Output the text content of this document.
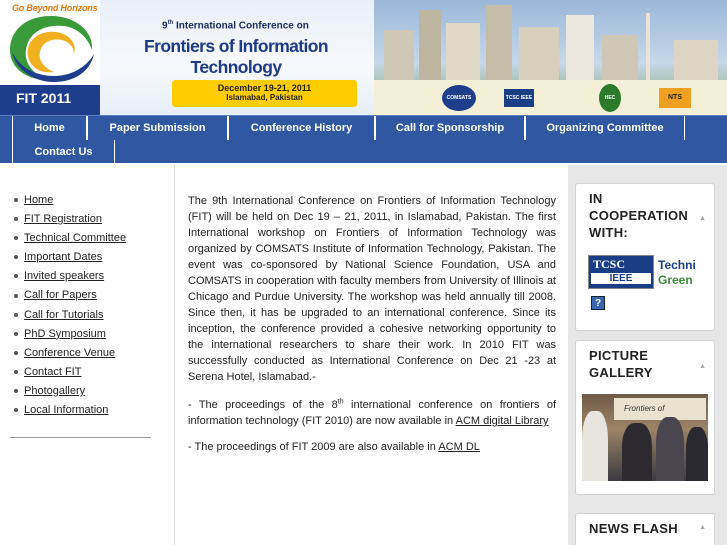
Go Beyond Horizons
FIT 2011
9th International Conference on
Frontiers of Information Technology
December 19-21, 2011
Islamabad, Pakistan	COMSATS	TCSC IEEE	HEC	NTS
Home	Paper Submission	Conference History	Call for Sponsorship	Organizing Committee
Contact Us
Home
FIT Registration
Technical Committee
Important Dates
Invited speakers
Call for Papers
Call for Tutorials
PhD Symposium
Conference Venue
Contact FIT
Photogallery
Local Information

The 9th International Conference on Frontiers of Information Technology (FIT) will be held on Dec 19 – 21, 2011, in Islamabad, Pakistan. The first International workshop on Frontiers of Information Technology was organized by COMSATS Institute of Information Technology, Pakistan. The event was co-sponsored by National Science Foundation, USA and COMSATS in cooperation with faculty members from University of Illinois at Chicago and Purdue University. The workshop was held annually till 2008. Since then, it has be upgraded to an international conference. Since its inception, the conference provided a cohesive networking opportunity to the international researchers to share their work. In 2010 FIT was successfully conducted as International Conference on Dec 21 -23 at Serena Hotel, Islamabad.-

- The proceedings of the 8th international conference on frontiers of information technology (FIT 2010) are now available in ACM digital Library

- The proceedings of FIT 2009 are also available in ACM DL

IN COOPERATION WITH:
▲
TCSC
IEEE
Techni
Green
?
PICTURE GALLERY	▲
Frontiers of
NEWS FLASH	▲
